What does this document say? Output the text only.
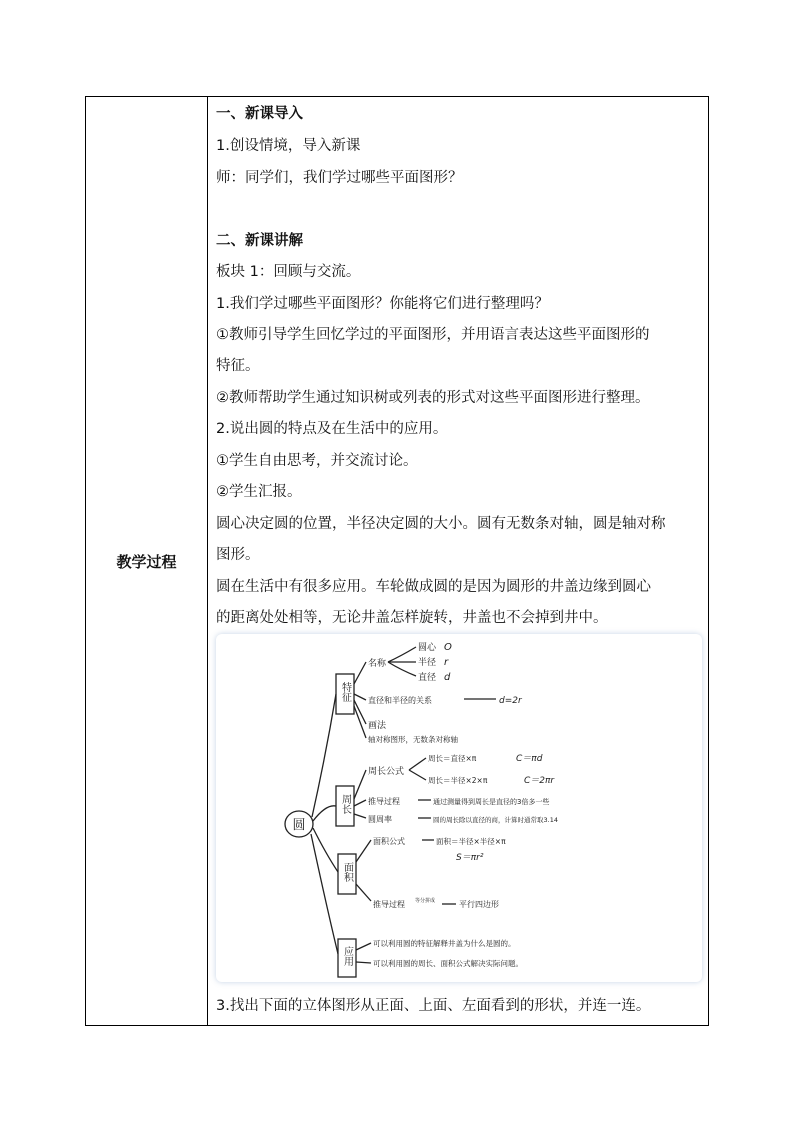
教学过程
一、新课导入
1.创设情境，导入新课
师：同学们，我们学过哪些平面图形？
二、新课讲解
板块 1：回顾与交流。
1.我们学过哪些平面图形？你能将它们进行整理吗？
①教师引导学生回忆学过的平面图形，并用语言表达这些平面图形的
特征。
②教师帮助学生通过知识树或列表的形式对这些平面图形进行整理。
2.说出圆的特点及在生活中的应用。
①学生自由思考，并交流讨论。
②学生汇报。
圆心决定圆的位置，半径决定圆的大小。圆有无数条对轴，圆是轴对称
图形。
圆在生活中有很多应用。车轮做成圆的是因为圆形的井盖边缘到圆心
的距离处处相等，无论井盖怎样旋转，井盖也不会掉到井中。
圆
特征
周长
面积
应用
名称
圆心 O
半径 r
直径 d
直径和半径的关系	d=2r
画法
轴对称图形，无数条对称轴
周长公式
周长＝直径×π	C＝πd
周长＝半径×2×π	C＝2πr
推导过程	通过测量得到周长是直径的3倍多一些
圆周率	圆的周长除以直径的商，计算时通常取3.14
面积公式	面积＝半径×半径×π
S＝πr²
推导过程 等分拼成	平行四边形
可以利用圆的特征解释井盖为什么是圆的。
可以利用圆的周长、面积公式解决实际问题。
3.找出下面的立体图形从正面、上面、左面看到的形状，并连一连。
